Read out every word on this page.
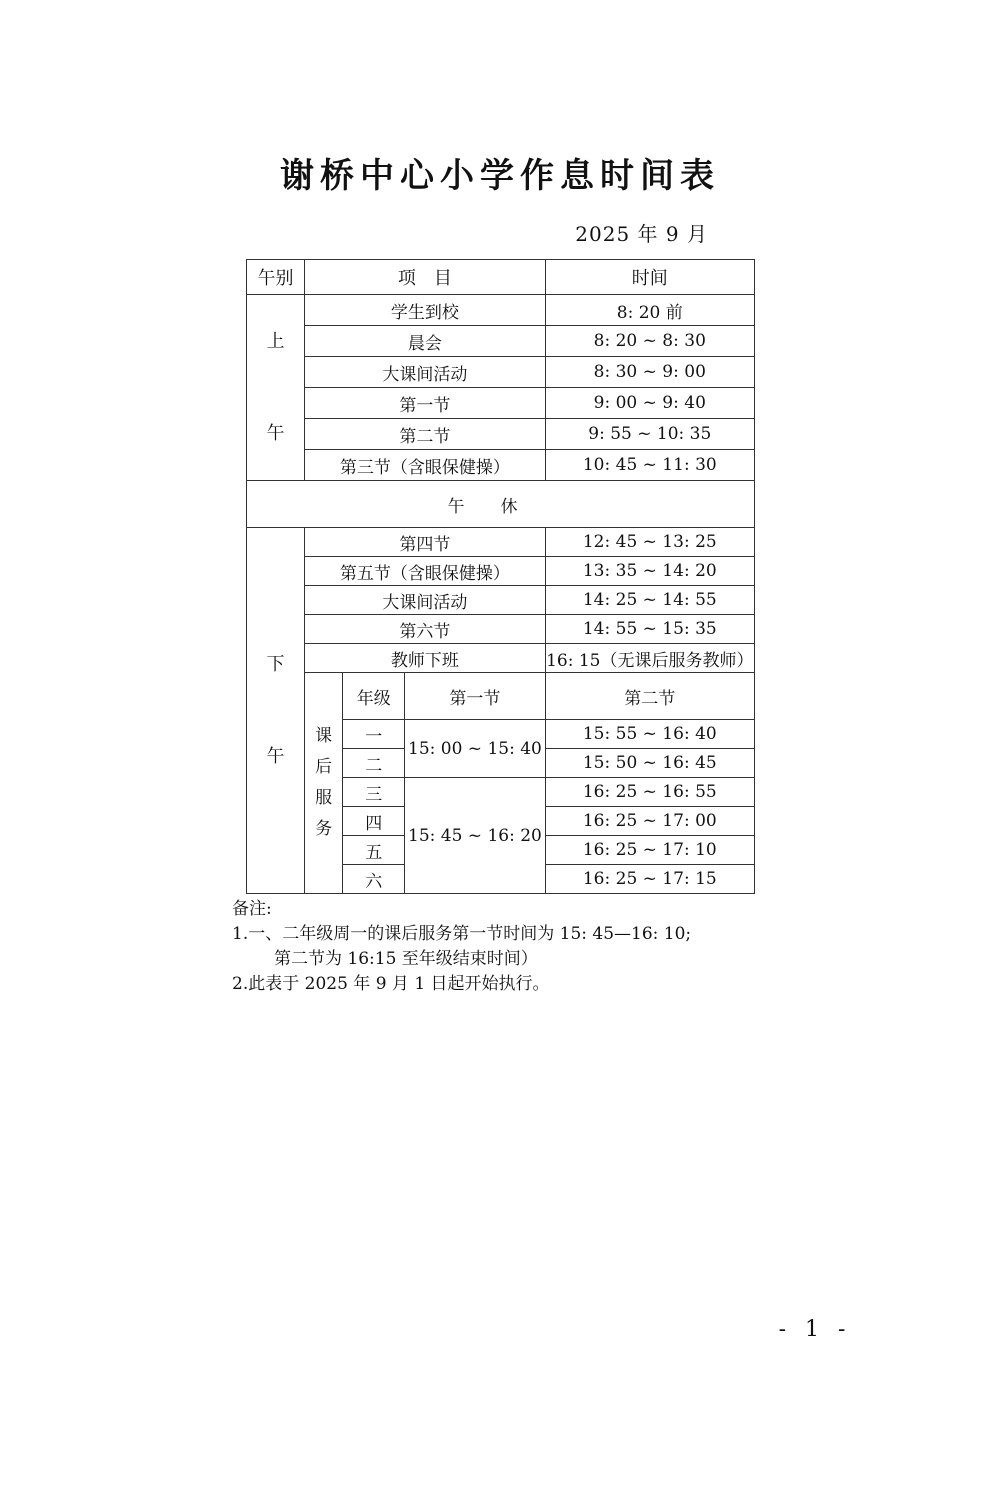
谢桥中心小学作息时间表
2025 年 9 月
午别	项　目			时间

上
午	学生到校			8: 20 前
	晨会			8: 20 ~ 8: 30
	大课间活动			8: 30 ~ 9: 00
	第一节			9: 00 ~ 9: 40
	第二节			9: 55 ~ 10: 35
	第三节（含眼保健操）			10: 45 ~ 11: 30
午休				

下
午	第四节			12: 45 ~ 13: 25
	第五节（含眼保健操）			13: 35 ~ 14: 20
	大课间活动			14: 25 ~ 14: 55
	第六节			14: 55 ~ 15: 35
	教师下班			16: 15（无课后服务教师）

	课
后
服
务	年级	第一节	第二节
		一	15: 00 ~ 15: 40	15: 55 ~ 16: 40
		二		15: 50 ~ 16: 45
		三	15: 45 ~ 16: 20	16: 25 ~ 16: 55
		四		16: 25 ~ 17: 00
		五		16: 25 ~ 17: 10
		六		16: 25 ~ 17: 15
备注:
1.一、二年级周一的课后服务第一节时间为 15: 45—16: 10;
第二节为 16:15 至年级结束时间）
2.此表于 2025 年 9 月 1 日起开始执行。
- 1 -
